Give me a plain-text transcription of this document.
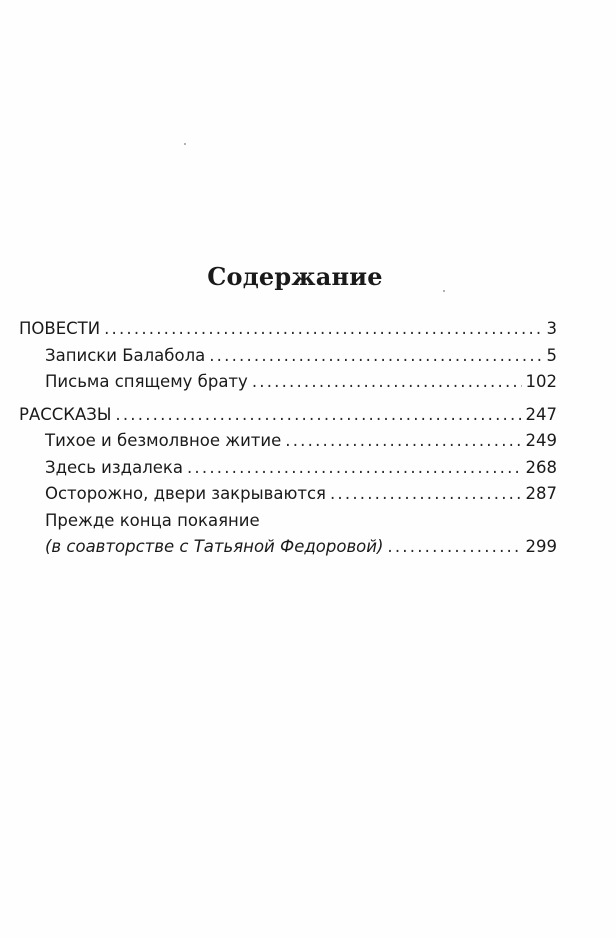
Содержание
ПОВЕСТИ .....	3
Записки Балабола .....	5
Письма спящему брату .....	102
РАССКАЗЫ .....	247
Тихое и безмолвное житие .....	249
Здесь издалека .....	268
Осторожно, двери закрываются .....	287
Прежде конца покаяние
(в соавторстве с Татьяной Федоровой) .....	299
